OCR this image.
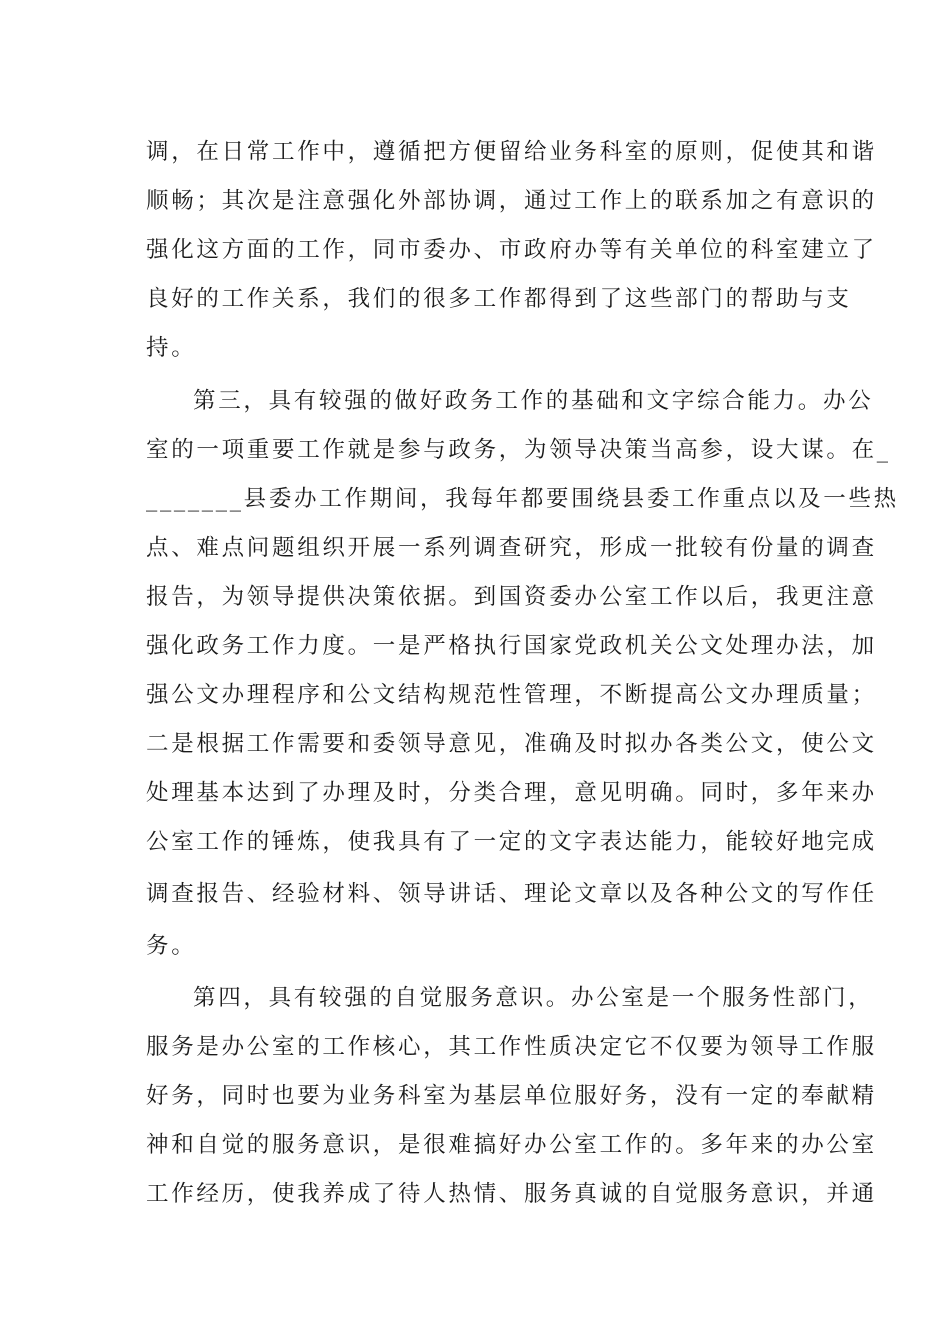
调，在日常工作中，遵循把方便留给业务科室的原则，促使其和谐
顺畅；其次是注意强化外部协调，通过工作上的联系加之有意识的
强化这方面的工作，同市委办、市政府办等有关单位的科室建立了
良好的工作关系，我们的很多工作都得到了这些部门的帮助与支
持。
第三，具有较强的做好政务工作的基础和文字综合能力。办公
室的一项重要工作就是参与政务，为领导决策当高参，设大谋。在_
_______县委办工作期间，我每年都要围绕县委工作重点以及一些热
点、难点问题组织开展一系列调查研究，形成一批较有份量的调查
报告，为领导提供决策依据。到国资委办公室工作以后，我更注意
强化政务工作力度。一是严格执行国家党政机关公文处理办法，加
强公文办理程序和公文结构规范性管理，不断提高公文办理质量；
二是根据工作需要和委领导意见，准确及时拟办各类公文，使公文
处理基本达到了办理及时，分类合理，意见明确。同时，多年来办
公室工作的锤炼，使我具有了一定的文字表达能力，能较好地完成
调查报告、经验材料、领导讲话、理论文章以及各种公文的写作任
务。
第四，具有较强的自觉服务意识。办公室是一个服务性部门，
服务是办公室的工作核心，其工作性质决定它不仅要为领导工作服
好务，同时也要为业务科室为基层单位服好务，没有一定的奉献精
神和自觉的服务意识，是很难搞好办公室工作的。多年来的办公室
工作经历，使我养成了待人热情、服务真诚的自觉服务意识，并通
